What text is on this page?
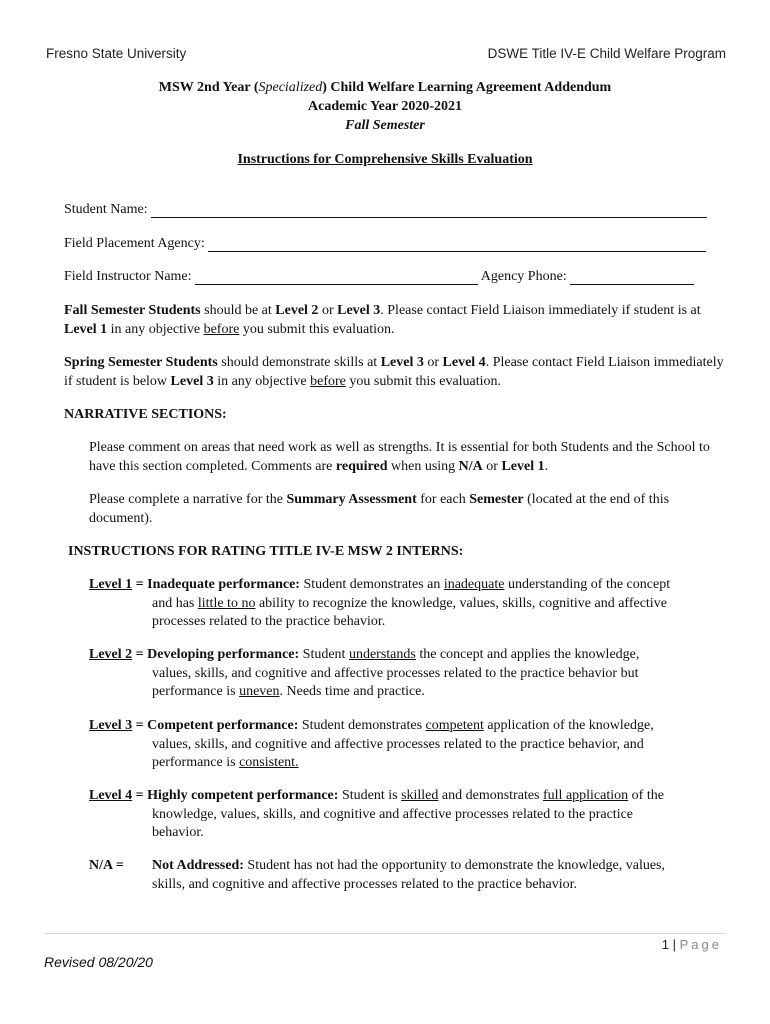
Fresno State University	DSWE Title IV-E Child Welfare Program
MSW 2nd Year (Specialized) Child Welfare Learning Agreement Addendum
Academic Year 2020-2021
Fall Semester
Instructions for Comprehensive Skills Evaluation
Student Name:
Field Placement Agency:
Field Instructor Name:	Agency Phone:
Fall Semester Students should be at Level 2 or Level 3. Please contact Field Liaison immediately if student is at Level 1 in any objective before you submit this evaluation.
Spring Semester Students should demonstrate skills at Level 3 or Level 4. Please contact Field Liaison immediately if student is below Level 3 in any objective before you submit this evaluation.
NARRATIVE SECTIONS:
Please comment on areas that need work as well as strengths. It is essential for both Students and the School to have this section completed. Comments are required when using N/A or Level 1.
Please complete a narrative for the Summary Assessment for each Semester (located at the end of this document).
INSTRUCTIONS FOR RATING TITLE IV-E MSW 2 INTERNS:
Level 1 = Inadequate performance: Student demonstrates an inadequate understanding of the concept
and has little to no ability to recognize the knowledge, values, skills, cognitive and affective
processes related to the practice behavior.
Level 2 = Developing performance: Student understands the concept and applies the knowledge,
values, skills, and cognitive and affective processes related to the practice behavior but
performance is uneven. Needs time and practice.
Level 3 = Competent performance: Student demonstrates competent application of the knowledge,
values, skills, and cognitive and affective processes related to the practice behavior, and
performance is consistent.
Level 4 = Highly competent performance: Student is skilled and demonstrates full application of the
knowledge, values, skills, and cognitive and affective processes related to the practice
behavior.
N/A = Not Addressed: Student has not had the opportunity to demonstrate the knowledge, values,
skills, and cognitive and affective processes related to the practice behavior.
1 | Page
Revised 08/20/20
